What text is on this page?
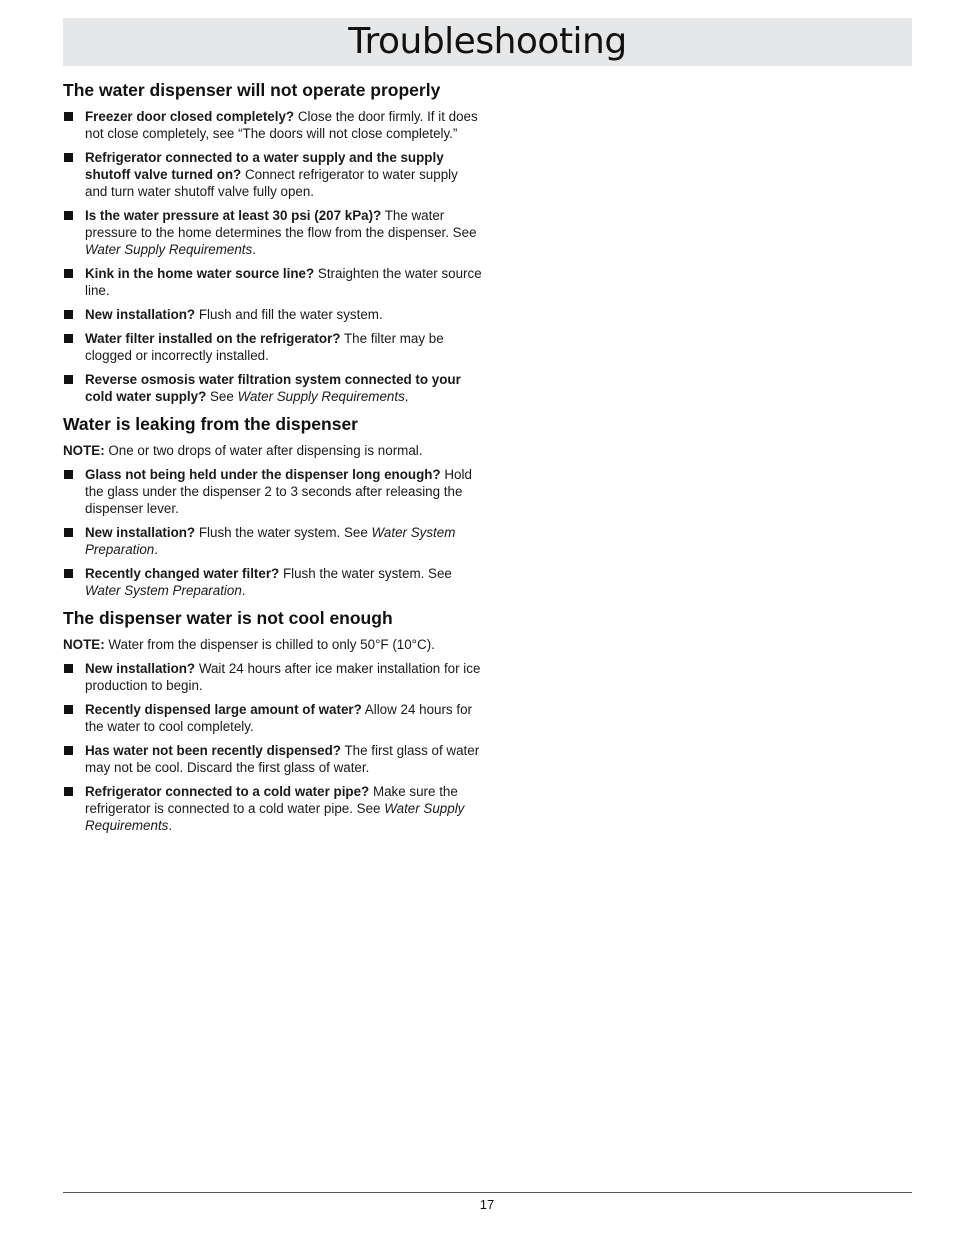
Troubleshooting
The water dispenser will not operate properly
Freezer door closed completely? Close the door firmly. If it does not close completely, see “The doors will not close completely.”
Refrigerator connected to a water supply and the supply shutoff valve turned on? Connect refrigerator to water supply and turn water shutoff valve fully open.
Is the water pressure at least 30 psi (207 kPa)? The water pressure to the home determines the flow from the dispenser. See Water Supply Requirements.
Kink in the home water source line? Straighten the water source line.
New installation? Flush and fill the water system.
Water filter installed on the refrigerator? The filter may be clogged or incorrectly installed.
Reverse osmosis water filtration system connected to your cold water supply? See Water Supply Requirements.
Water is leaking from the dispenser

NOTE: One or two drops of water after dispensing is normal.

Glass not being held under the dispenser long enough? Hold the glass under the dispenser 2 to 3 seconds after releasing the dispenser lever.
New installation? Flush the water system. See Water System Preparation.
Recently changed water filter? Flush the water system. See Water System Preparation.
The dispenser water is not cool enough

NOTE: Water from the dispenser is chilled to only 50°F (10°C).

New installation? Wait 24 hours after ice maker installation for ice production to begin.
Recently dispensed large amount of water? Allow 24 hours for the water to cool completely.
Has water not been recently dispensed? The first glass of water may not be cool. Discard the first glass of water.
Refrigerator connected to a cold water pipe? Make sure the refrigerator is connected to a cold water pipe. See Water Supply Requirements.
17
